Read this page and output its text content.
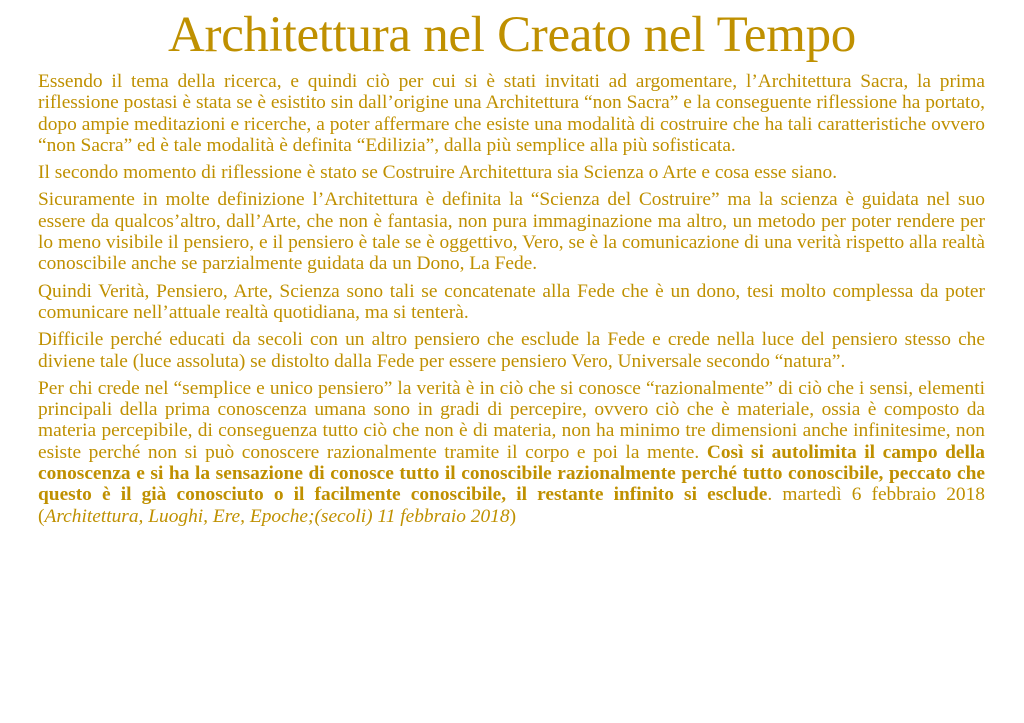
Architettura nel Creato nel Tempo

Essendo il tema della ricerca, e quindi ciò per cui si è stati invitati ad argomentare, l’Architettura Sacra, la prima riflessione postasi è stata se è esistito sin dall’origine una Architettura “non Sacra” e la conseguente riflessione ha portato, dopo ampie meditazioni e ricerche, a poter affermare che esiste una modalità di costruire che ha tali caratteristiche ovvero “non Sacra” ed è tale modalità è definita “Edilizia”, dalla più semplice alla più sofisticata.

Il secondo momento di riflessione è stato se Costruire Architettura sia Scienza o Arte e cosa esse siano.

Sicuramente in molte definizione l’Architettura è definita la “Scienza del Costruire” ma la scienza è guidata nel suo essere da qualcos’altro, dall’Arte, che non è fantasia, non pura immaginazione ma altro, un metodo per poter rendere per lo meno visibile il pensiero, e il pensiero è tale se è oggettivo, Vero, se è la comunicazione di una verità rispetto alla realtà conoscibile anche se parzialmente guidata da un Dono, La Fede.

Quindi Verità, Pensiero, Arte, Scienza sono tali se concatenate alla Fede che è un dono, tesi molto complessa da poter comunicare nell’attuale realtà quotidiana, ma si tenterà.

Difficile perché educati da secoli con un altro pensiero che esclude la Fede e crede nella luce del pensiero stesso che diviene tale (luce assoluta) se distolto dalla Fede per essere pensiero Vero, Universale secondo “natura”.

Per chi crede nel “semplice e unico pensiero” la verità è in ciò che si conosce “razionalmente” di ciò che i sensi, elementi principali della prima conoscenza umana sono in gradi di percepire, ovvero ciò che è materiale, ossia è composto da materia percepibile, di conseguenza tutto ciò che non è di materia, non ha minimo tre dimensioni anche infinitesime, non esiste perché non si può conoscere razionalmente tramite il corpo e poi la mente. Così si autolimita il campo della conoscenza e si ha la sensazione di conosce tutto il conoscibile razionalmente perché tutto conoscibile, peccato che questo è il già conosciuto o il facilmente conoscibile, il restante infinito si esclude. martedì 6 febbraio 2018 (Architettura, Luoghi, Ere, Epoche;(secoli) 11 febbraio 2018)
